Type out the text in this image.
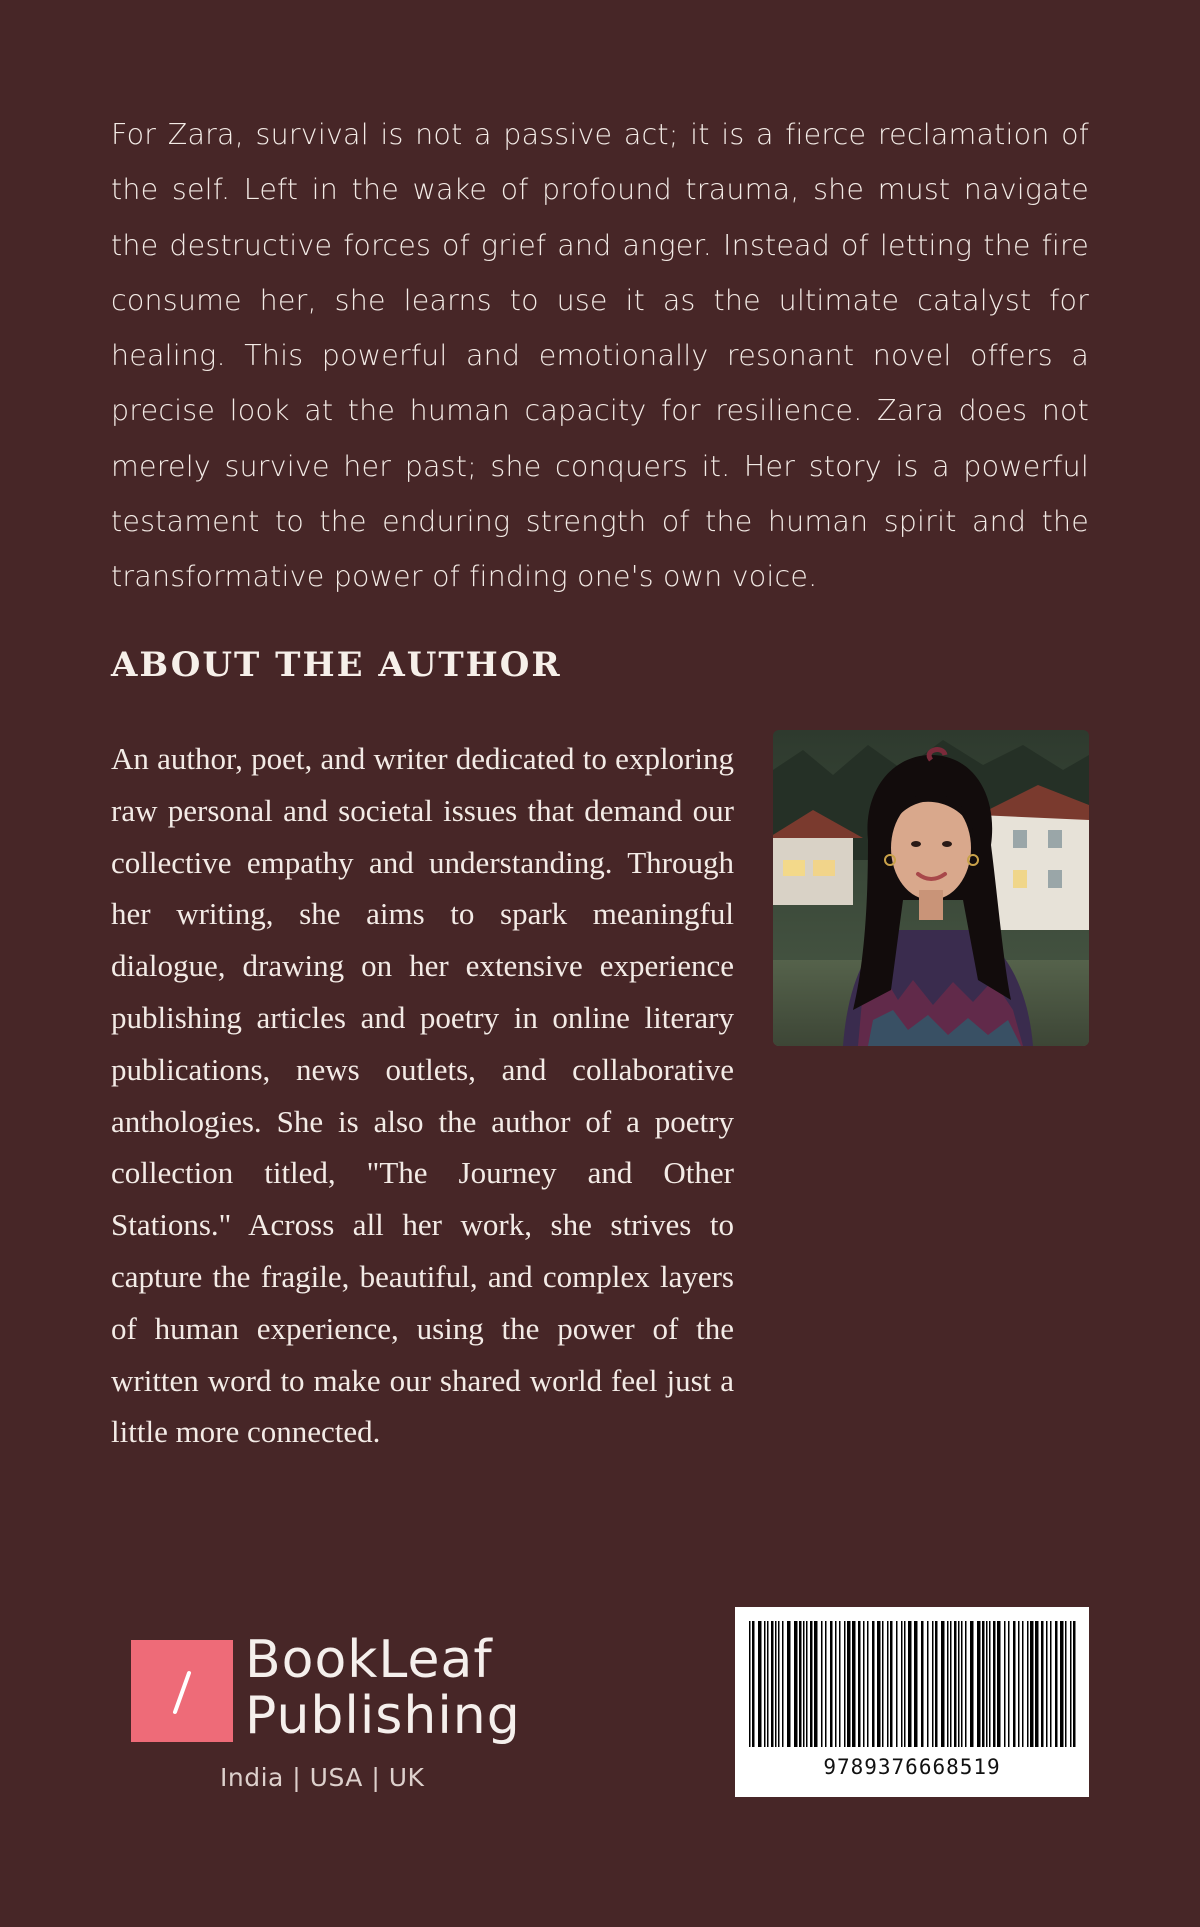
For Zara, survival is not a passive act; it is a fierce reclamation of the self. Left in the wake of profound trauma, she must navigate the destructive forces of grief and anger. Instead of letting the fire consume her, she learns to use it as the ultimate catalyst for healing. This powerful and emotionally resonant novel offers a precise look at the human capacity for resilience. Zara does not merely survive her past; she conquers it. Her story is a powerful testament to the enduring strength of the human spirit and the transformative power of finding one's own voice.

ABOUT THE AUTHOR

An author, poet, and writer dedicated to exploring raw personal and societal issues that demand our collective empathy and understanding. Through her writing, she aims to spark meaningful dialogue, drawing on her extensive experience publishing articles and poetry in online literary publications, news outlets, and collaborative anthologies. She is also the author of a poetry collection titled, "The Journey and Other Stations." Across all her work, she strives to capture the fragile, beautiful, and complex layers of human experience, using the power of the written word to make our shared world feel just a little more connected.

BookLeaf
Publishing
India | USA | UK	9789376668519
